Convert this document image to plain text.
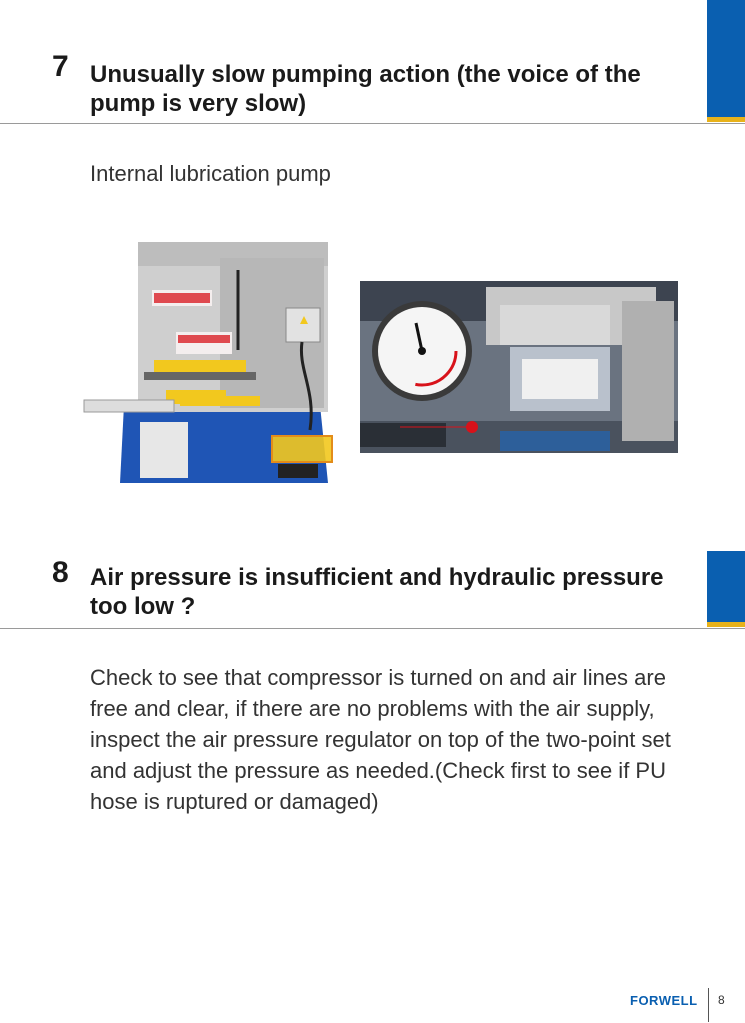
7 Unusually slow pumping action (the voice of the pump is very slow)
Internal lubrication pump
8 Air pressure is insufficient and hydraulic pressure too low ?
Check to see that compressor is turned on and air lines are free and clear, if there are no problems with the air supply, inspect the air pressure regulator on top of the two-point set and adjust the pressure as needed.(Check first to see if PU hose is ruptured or damaged)
FORWELL 8
